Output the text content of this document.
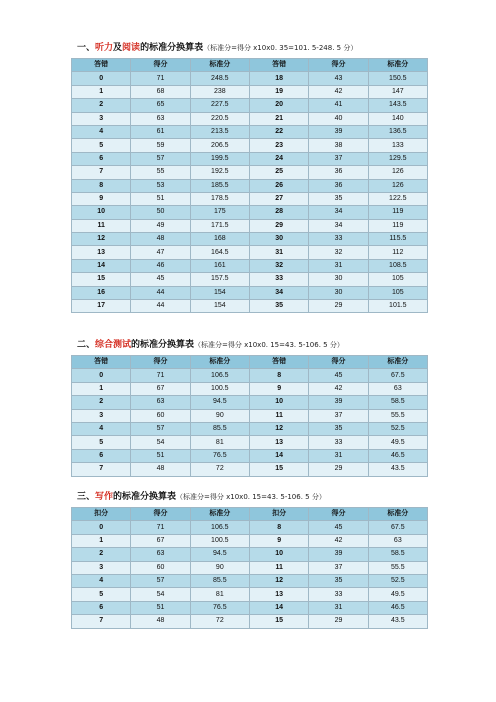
一、听力及阅读的标准分换算表（标准分=得分 x10x0. 35=101. 5-248. 5 分）
答错	得分	标准分	答错	得分	标准分
0	71	248.5	18	43	150.5
1	68	238	19	42	147
2	65	227.5	20	41	143.5
3	63	220.5	21	40	140
4	61	213.5	22	39	136.5
5	59	206.5	23	38	133
6	57	199.5	24	37	129.5
7	55	192.5	25	36	126
8	53	185.5	26	36	126
9	51	178.5	27	35	122.5
10	50	175	28	34	119
11	49	171.5	29	34	119
12	48	168	30	33	115.5
13	47	164.5	31	32	112
14	46	161	32	31	108.5
15	45	157.5	33	30	105
16	44	154	34	30	105
17	44	154	35	29	101.5
二、综合测试的标准分换算表（标准分=得分 x10x0. 15=43. 5-106. 5 分）
答错	得分	标准分	答错	得分	标准分
0	71	106.5	8	45	67.5
1	67	100.5	9	42	63
2	63	94.5	10	39	58.5
3	60	90	11	37	55.5
4	57	85.5	12	35	52.5
5	54	81	13	33	49.5
6	51	76.5	14	31	46.5
7	48	72	15	29	43.5
三、写作的标准分换算表（标准分=得分 x10x0. 15=43. 5-106. 5 分）
扣分	得分	标准分	扣分	得分	标准分
0	71	106.5	8	45	67.5
1	67	100.5	9	42	63
2	63	94.5	10	39	58.5
3	60	90	11	37	55.5
4	57	85.5	12	35	52.5
5	54	81	13	33	49.5
6	51	76.5	14	31	46.5
7	48	72	15	29	43.5
